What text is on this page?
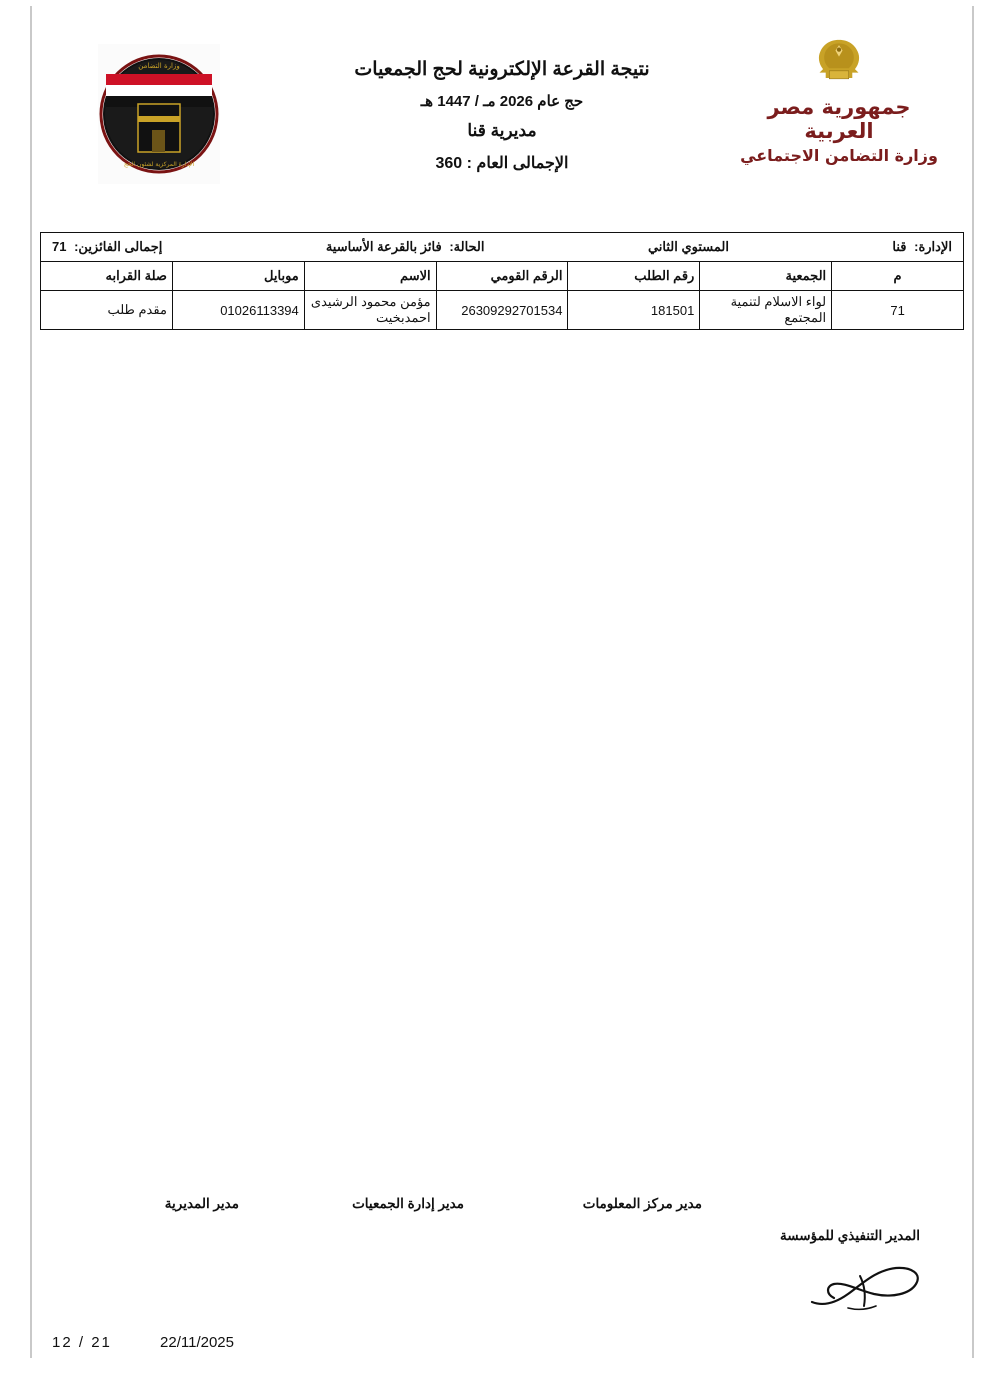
وزارة التضامن
الإدارة المركزية لشئون الحج
جمهورية مصر العربية
وزارة التضامن الاجتماعي
نتيجة القرعة الإلكترونية لحج الجمعيات
حج عام 2026 مـ / 1447 هـ
مديرية قنا
الإجمالى العام : 360
الإدارة: قنا
المستوي الثاني
الحالة: فائز بالقرعة الأساسية
إجمالى الفائزين: 71						

م	الجمعية	رقم الطلب	الرقم القومي	الاسم	موبايل	صلة القرابه
71	لواء الاسلام لتنمية المجتمع	181501	26309292701534	مؤمن محمود الرشيدى احمدبخيت	01026113394	مقدم طلب
المدير التنفيذي للمؤسسة
مدير مركز المعلومات
مدير إدارة الجمعيات
مدير المديرية
22/11/2025
12 / 21
